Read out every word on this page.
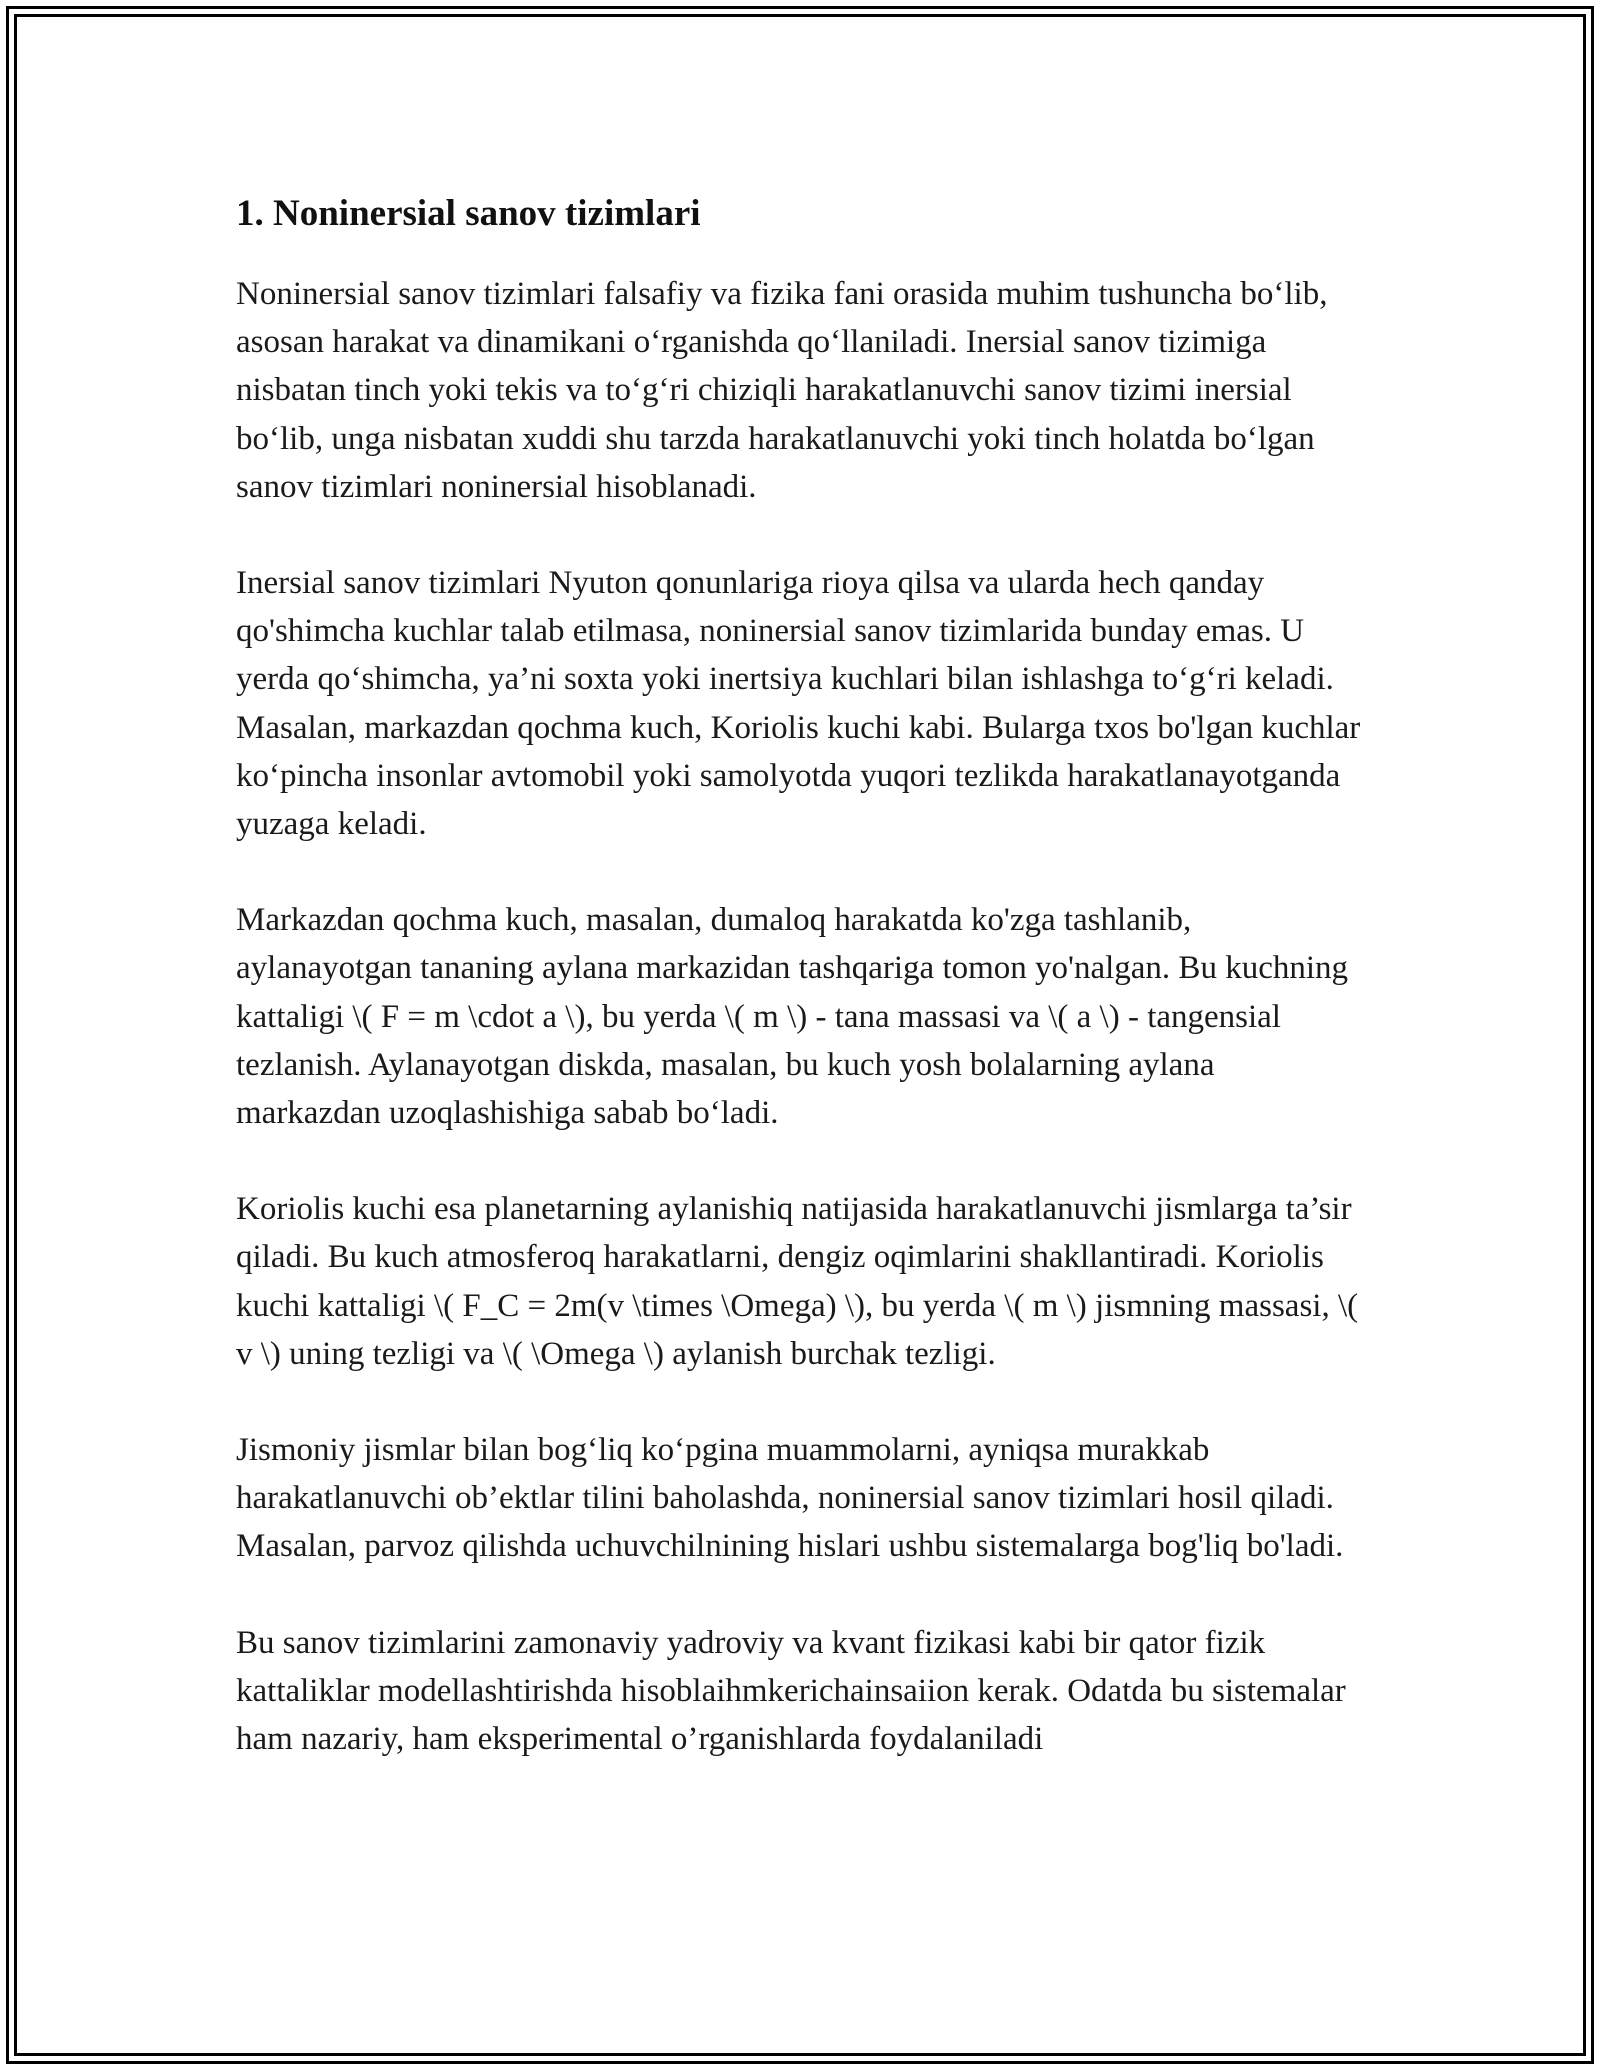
1. Noninersial sanov tizimlari

Noninersial sanov tizimlari falsafiy va fizika fani orasida muhim tushuncha bo‘lib, asosan harakat va dinamikani o‘rganishda qo‘llaniladi. Inersial sanov tizimiga nisbatan tinch yoki tekis va to‘g‘ri chiziqli harakatlanuvchi sanov tizimi inersial bo‘lib, unga nisbatan xuddi shu tarzda harakatlanuvchi yoki tinch holatda bo‘lgan sanov tizimlari noninersial hisoblanadi.

Inersial sanov tizimlari Nyuton qonunlariga rioya qilsa va ularda hech qanday qo'shimcha kuchlar talab etilmasa, noninersial sanov tizimlarida bunday emas. U yerda qo‘shimcha, ya’ni soxta yoki inertsiya kuchlari bilan ishlashga to‘g‘ri keladi. Masalan, markazdan qochma kuch, Koriolis kuchi kabi. Bularga txos bo'lgan kuchlar ko‘pincha insonlar avtomobil yoki samolyotda yuqori tezlikda harakatlanayotganda yuzaga keladi.

Markazdan qochma kuch, masalan, dumaloq harakatda ko'zga tashlanib, aylanayotgan tananing aylana markazidan tashqariga tomon yo'nalgan. Bu kuchning kattaligi \( F = m \cdot a \), bu yerda \( m \) - tana massasi va \( a \) - tangensial tezlanish. Aylanayotgan diskda, masalan, bu kuch yosh bolalarning aylana markazdan uzoqlashishiga sabab bo‘ladi.

Koriolis kuchi esa planetarning aylanishiq natijasida harakatlanuvchi jismlarga ta’sir qiladi. Bu kuch atmosferoq harakatlarni, dengiz oqimlarini shakllantiradi. Koriolis kuchi kattaligi \( F_C = 2m(v \times \Omega) \), bu yerda \( m \) jismning massasi, \( v \) uning tezligi va \( \Omega \) aylanish burchak tezligi.

Jismoniy jismlar bilan bog‘liq ko‘pgina muammolarni, ayniqsa murakkab harakatlanuvchi ob’ektlar tilini baholashda, noninersial sanov tizimlari hosil qiladi. Masalan, parvoz qilishda uchuvchilnining hislari ushbu sistemalarga bog'liq bo'ladi.

Bu sanov tizimlarini zamonaviy yadroviy va kvant fizikasi kabi bir qator fizik kattaliklar modellashtirishda hisoblaihmkerichainsaiion kerak. Odatda bu sistemalar ham nazariy, ham eksperimental o’rganishlarda foydalaniladi
